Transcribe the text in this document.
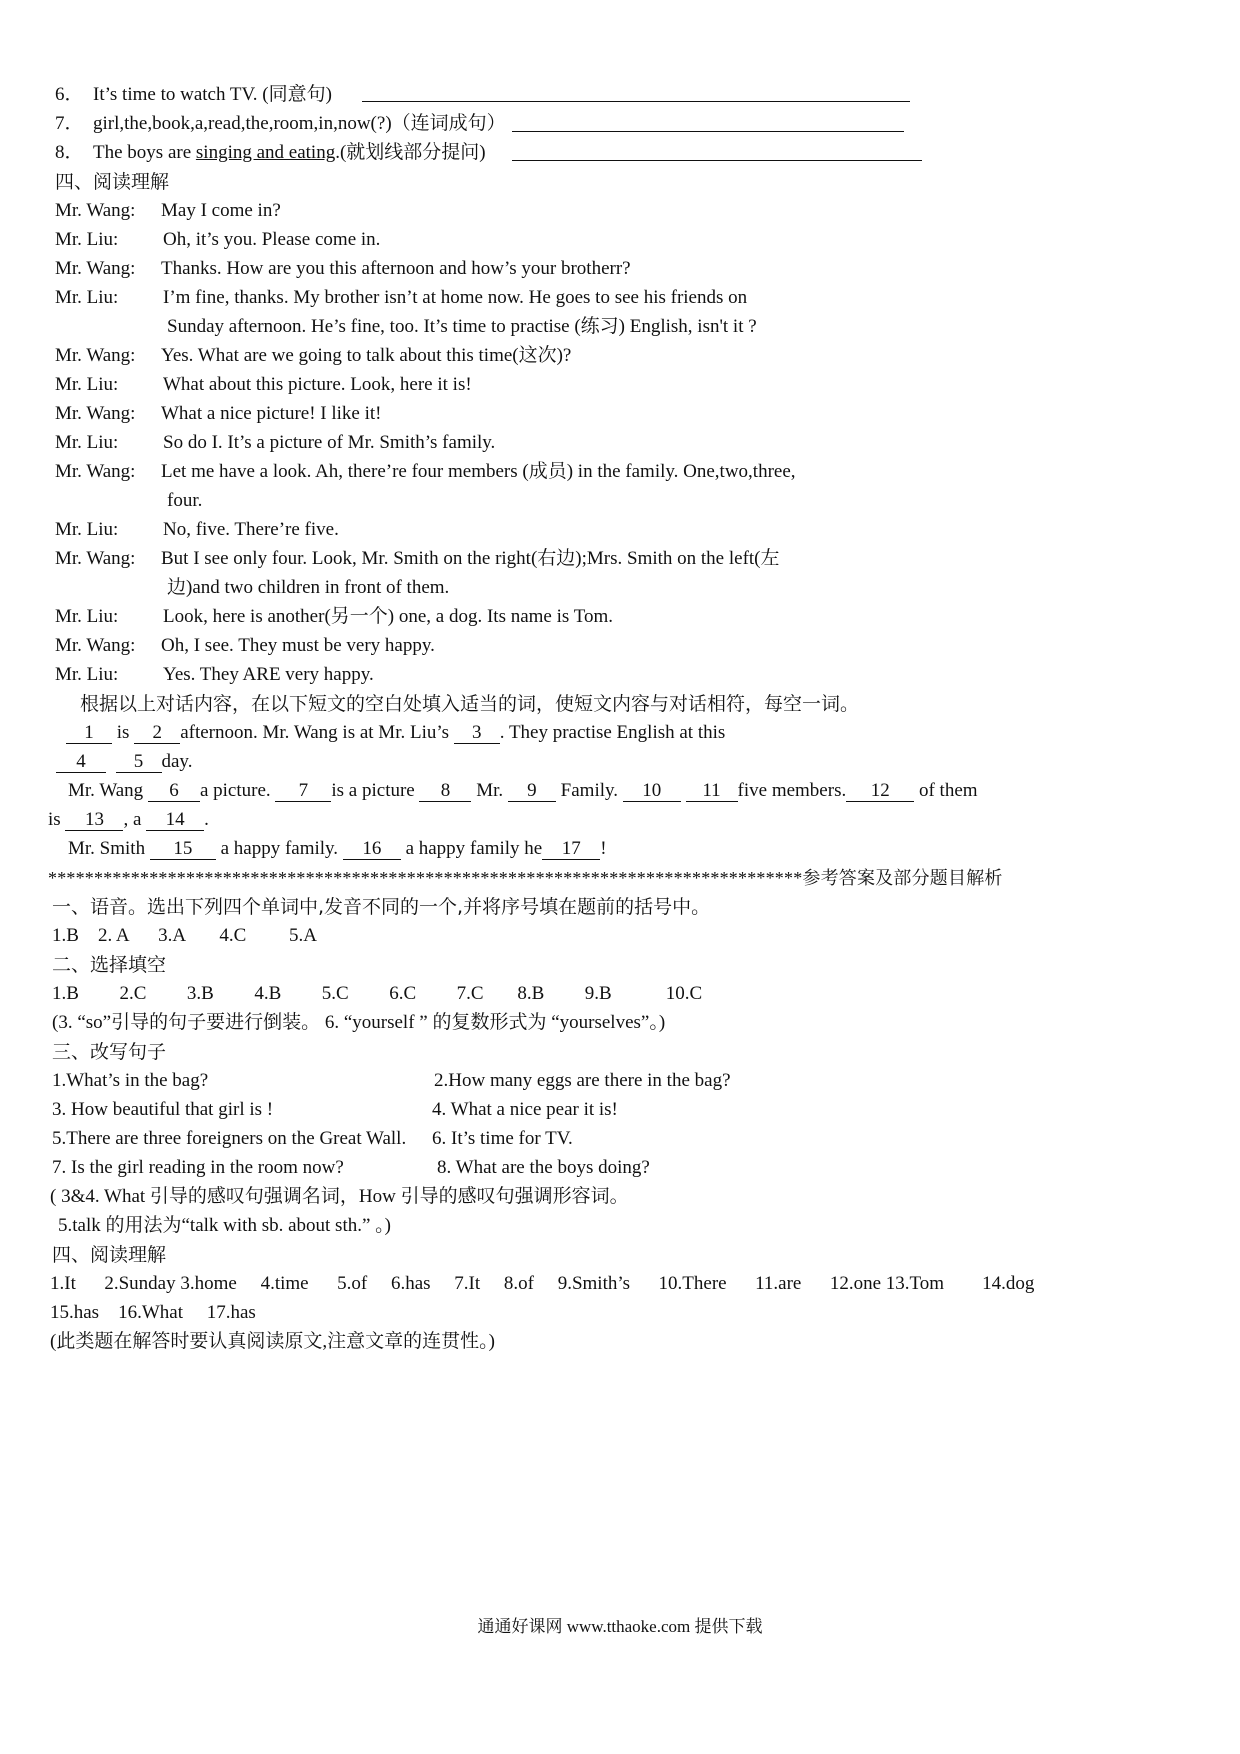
6． It’s time to watch TV. (同意句)
7． girl,the,book,a,read,the,room,in,now(?)（连词成句）
8． The boys are singing and eating.(就划线部分提问)
四、阅读理解
Mr. Wang: May I come in?
Mr. Liu: Oh, it’s you. Please come in.
Mr. Wang: Thanks. How are you this afternoon and how’s your brotherr?
Mr. Liu: I’m fine, thanks. My brother isn’t at home now. He goes to see his friends on
Sunday afternoon. He’s fine, too. It’s time to practise (练习) English, isn't it ?
Mr. Wang: Yes. What are we going to talk about this time(这次)?
Mr. Liu: What about this picture. Look, here it is!
Mr. Wang: What a nice picture! I like it!
Mr. Liu: So do I. It’s a picture of Mr. Smith’s family.
Mr. Wang: Let me have a look. Ah, there’re four members (成员) in the family. One,two,three,
four.
Mr. Liu: No, five. There’re five.
Mr. Wang: But I see only four. Look, Mr. Smith on the right(右边);Mrs. Smith on the left(左
边)and two children in front of them.
Mr. Liu: Look, here is another(另一个) one, a dog. Its name is Tom.
Mr. Wang: Oh, I see. They must be very happy.
Mr. Liu: Yes. They ARE very happy.
根据以上对话内容，在以下短文的空白处填入适当的词，使短文内容与对话相符，每空一词。
1 is 2 afternoon. Mr. Wang is at Mr. Liu’s 3 . They practise English at this
4	5 day.
Mr. Wang 6 a picture. 7 is a picture 8 Mr. 9 Family. 10 11 five members. 12 of them
is 13 , a 14 .
Mr. Smith 15 a happy family. 16 a happy family he 17 !
**********************************************************************************参考答案及部分题目解析
一、语音。选出下列四个单词中,发音不同的一个,并将序号填在题前的括号中。
1.B 2. A 3.A 4.C 5.A
二、选择填空
1.B 2.C 3.B 4.B 5.C 6.C 7.C 8.B 9.B	10.C
(3. “so”引导的句子要进行倒装。 6. “yourself ” 的复数形式为 “yourselves”。)
三、改写句子
1.What’s in the bag?	2.How many eggs are there in the bag?
3. How beautiful that girl is !	4. What a nice pear it is!
5.There are three foreigners on the Great Wall. 6. It’s time for TV.
7. Is the girl reading in the room now?	8. What are the boys doing?
( 3&4. What 引导的感叹句强调名词，How 引导的感叹句强调形容词。
5.talk 的用法为“talk with sb. about sth.” 。)
四、阅读理解
1.It 2.Sunday 3.home 4.time 5.of 6.has 7.It 8.of 9.Smith’s 10.There 11.are 12.one 13.Tom 14.dog
15.has 16.What 17.has
(此类题在解答时要认真阅读原文,注意文章的连贯性。)
通通好课网 www.tthaoke.com 提供下载
